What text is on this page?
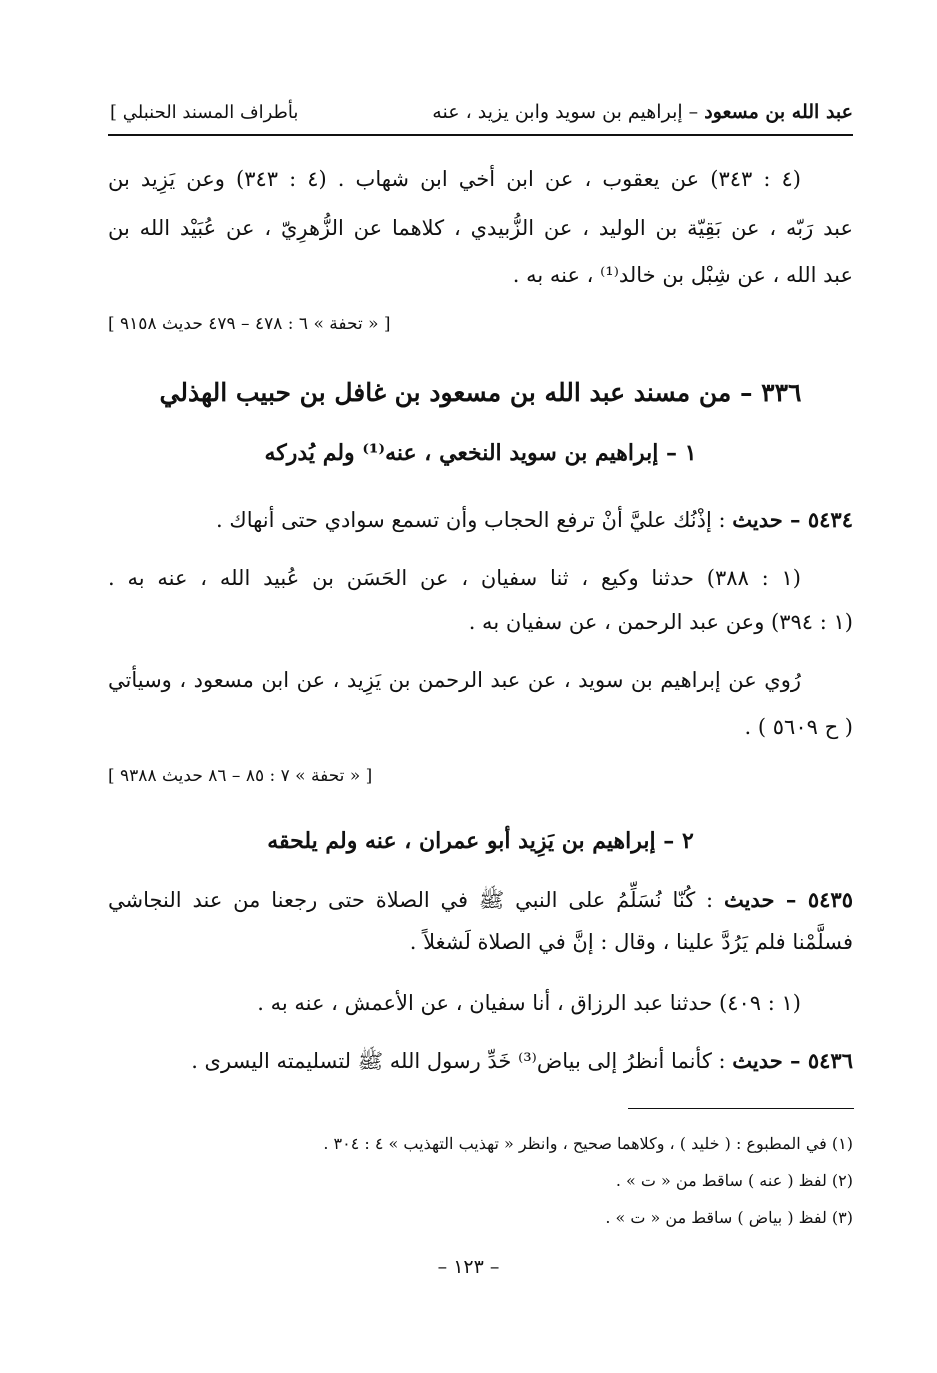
عبد الله بن مسعود – إبراهيم بن سويد وابن يزيد ، عنه
بأطراف المسند الحنبلي ]
(٤ : ٣٤٣) عن يعقوب ، عن ابن أخي ابن شهاب . (٤ : ٣٤٣) وعن يَزِيد بن
عبد رَبّه ، عن بَقِيّة بن الوليد ، عن الزُّبيدي ، كلاهما عن الزُّهرِيّ ، عن عُبَيْد الله بن
عبد الله ، عن شِبْل بن خالد⁽¹⁾ ، عنه به .
[ « تحفة » ٦ : ٤٧٨ – ٤٧٩ حديث ٩١٥٨ ]
٣٣٦ – من مسند عبد الله بن مسعود بن غافل بن حبيب الهذلي
١ – إبراهيم بن سويد النخعي ، عنه⁽¹⁾ ولم يُدركه
٥٤٣٤ – حديث : إذْنُك عليَّ أنْ ترفع الحجاب وأن تسمع سوادي حتى أنهاك .
(١ : ٣٨٨) حدثنا وكيع ، ثنا سفيان ، عن الحَسَن بن عُبيد الله ، عنه به .
(١ : ٣٩٤) وعن عبد الرحمن ، عن سفيان به .
رُوي عن إبراهيم بن سويد ، عن عبد الرحمن بن يَزِيد ، عن ابن مسعود ، وسيأتي
( ح ٥٦٠٩ ) .
[ « تحفة » ٧ : ٨٥ – ٨٦ حديث ٩٣٨٨ ]
٢ – إبراهيم بن يَزِيد أبو عمران ، عنه ولم يلحقه
٥٤٣٥ – حديث : كُنّا نُسَلِّمُ على النبي ﷺ في الصلاة حتى رجعنا من عند النجاشي
فسلَّمْنا فلم يَرُدَّ علينا ، وقال : إنَّ في الصلاة لَشغلاً .
(١ : ٤٠٩) حدثنا عبد الرزاق ، أنا سفيان ، عن الأعمش ، عنه به .
٥٤٣٦ – حديث : كأنما أنظرُ إلى بياض⁽³⁾ خَدِّ رسول الله ﷺ لتسليمته اليسرى .
(١) في المطبوع : ( خليد ) ، وكلاهما صحيح ، وانظر « تهذيب التهذيب » ٤ : ٣٠٤ .
(٢) لفظ ( عنه ) ساقط من « ت » .
(٣) لفظ ( بياض ) ساقط من « ت » .
– ١٢٣ –
